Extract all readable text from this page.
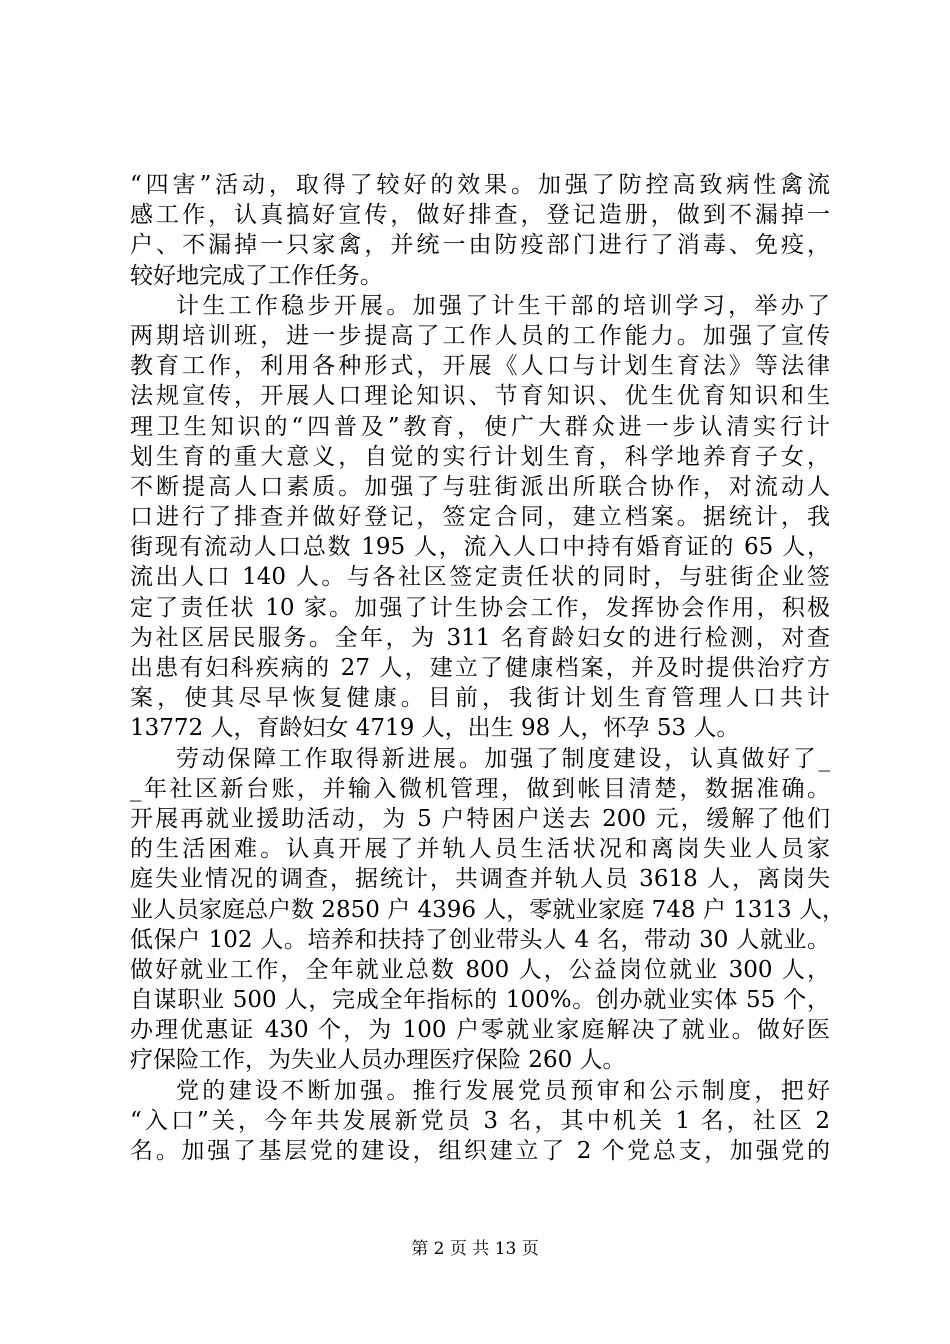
“四害”活动，取得了较好的效果。加强了防控高致病性禽流
感工作，认真搞好宣传，做好排查，登记造册，做到不漏掉一
户、不漏掉一只家禽，并统一由防疫部门进行了消毒、免疫，
较好地完成了工作任务。
计生工作稳步开展。加强了计生干部的培训学习，举办了
两期培训班，进一步提高了工作人员的工作能力。加强了宣传
教育工作，利用各种形式，开展《人口与计划生育法》等法律
法规宣传，开展人口理论知识、节育知识、优生优育知识和生
理卫生知识的“四普及”教育，使广大群众进一步认清实行计
划生育的重大意义，自觉的实行计划生育，科学地养育子女，
不断提高人口素质。加强了与驻街派出所联合协作，对流动人
口进行了排查并做好登记，签定合同，建立档案。据统计，我
街现有流动人口总数 195 人，流入人口中持有婚育证的 65 人，
流出人口 140 人。与各社区签定责任状的同时，与驻街企业签
定了责任状 10 家。加强了计生协会工作，发挥协会作用，积极
为社区居民服务。全年，为 311 名育龄妇女的进行检测，对查
出患有妇科疾病的 27 人，建立了健康档案，并及时提供治疗方
案，使其尽早恢复健康。目前，我街计划生育管理人口共计
13772 人，育龄妇女 4719 人，出生 98 人，怀孕 53 人。
劳动保障工作取得新进展。加强了制度建设，认真做好了_
_年社区新台账，并输入微机管理，做到帐目清楚，数据准确。
开展再就业援助活动，为 5 户特困户送去 200 元，缓解了他们
的生活困难。认真开展了并轨人员生活状况和离岗失业人员家
庭失业情况的调查，据统计，共调查并轨人员 3618 人，离岗失
业人员家庭总户数 2850 户 4396 人，零就业家庭 748 户 1313 人，
低保户 102 人。培养和扶持了创业带头人 4 名，带动 30 人就业。
做好就业工作，全年就业总数 800 人，公益岗位就业 300 人，
自谋职业 500 人，完成全年指标的 100%。创办就业实体 55 个，
办理优惠证 430 个，为 100 户零就业家庭解决了就业。做好医
疗保险工作，为失业人员办理医疗保险 260 人。
党的建设不断加强。推行发展党员预审和公示制度，把好
“入口”关，今年共发展新党员 3 名，其中机关 1 名，社区 2
名。加强了基层党的建设，组织建立了 2 个党总支，加强党的
第 2 页 共 13 页
